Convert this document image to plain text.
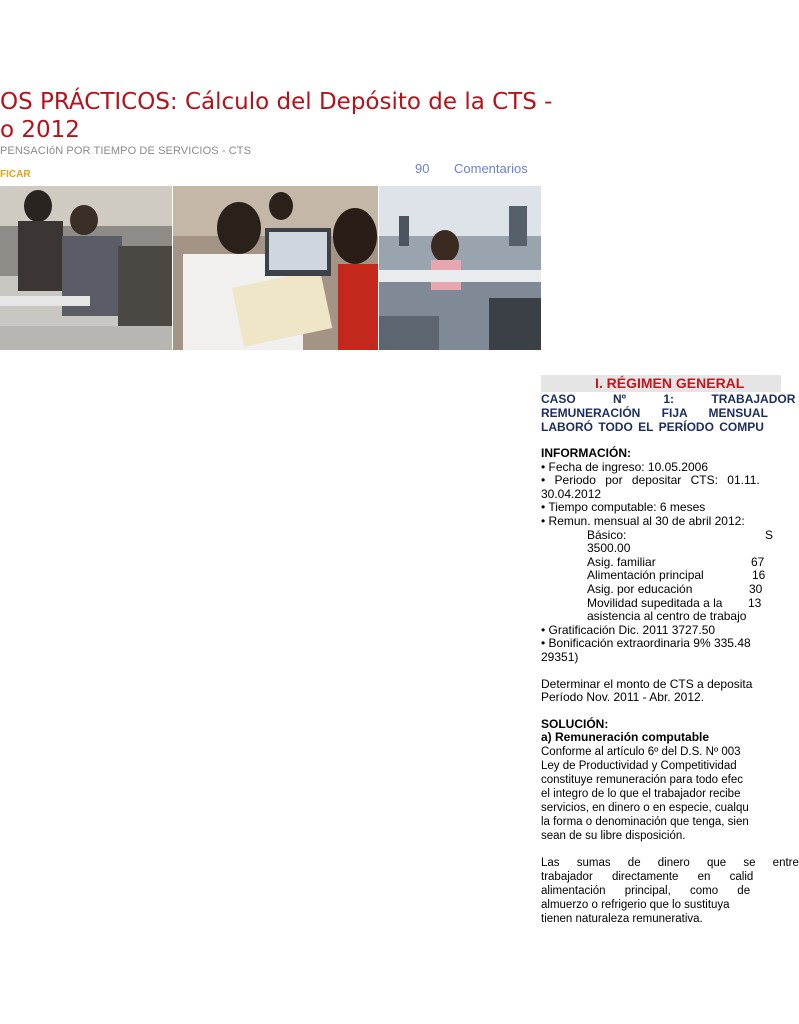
OS PRÁCTICOS: Cálculo del Depósito de la CTS -
o 2012
PENSACIóN POR TIEMPO DE SERVICIOS - CTS
FICAR	90 Comentarios
I. RÉGIMEN GENERAL
CASO Nº 1: TRABAJADOR
REMUNERACIÓN FIJA MENSUAL
LABORÓ TODO EL PERÍODO COMPU
INFORMACIÓN:
• Fecha de ingreso: 10.05.2006
• Periodo por depositar CTS: 01.11.
30.04.2012
• Tiempo computable: 6 meses
• Remun. mensual al 30 de abril 2012:
Básico:	S
3500.00
Asig. familiar	67
Alimentación principal	16
Asig. por educación	30
Movilidad supeditada a la 13
asistencia al centro de trabajo
• Gratificación Dic. 2011 3727.50
• Bonificación extraordinaria 9% 335.48
29351)
Determinar el monto de CTS a deposita
Período Nov. 2011 - Abr. 2012.
SOLUCIÓN:
a) Remuneración computable
Conforme al artículo 6º del D.S. Nº 003
Ley de Productividad y Competitividad
constituye remuneración para todo efec
el integro de lo que el trabajador recibe
servicios, en dinero o en especie, cualqu
la forma o denominación que tenga, sien
sean de su libre disposición.
Las sumas de dinero que se entre
trabajador directamente en calid
alimentación principal, como de
almuerzo o refrigerio que lo sustituya
tienen naturaleza remunerativa.
